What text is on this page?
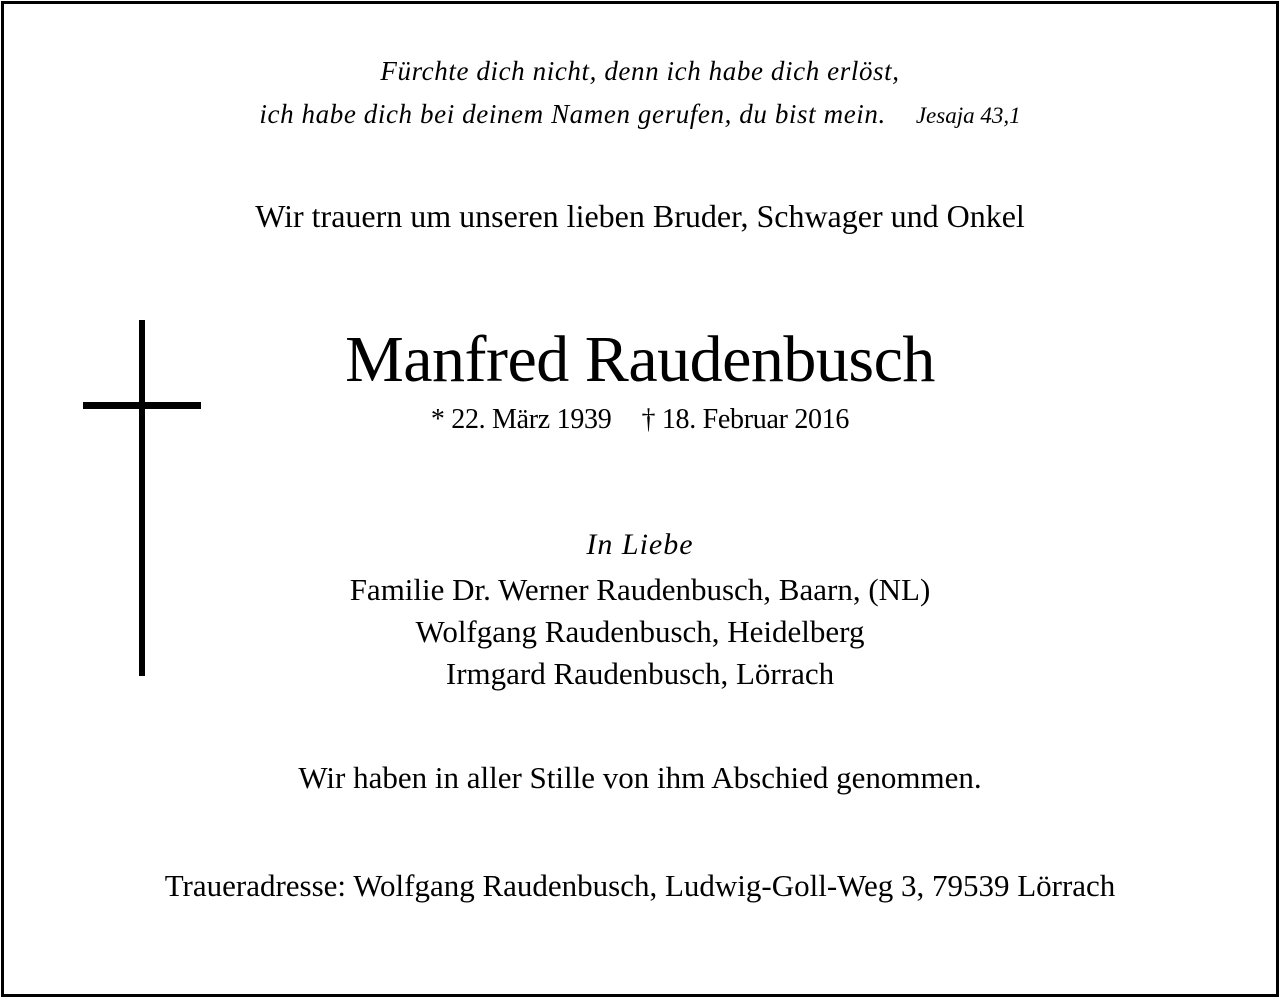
Fürchte dich nicht, denn ich habe dich erlöst,
ich habe dich bei deinem Namen gerufen, du bist mein. Jesaja 43,1
Wir trauern um unseren lieben Bruder, Schwager und Onkel
Manfred Raudenbusch
* 22. März 1939 † 18. Februar 2016
In Liebe
Familie Dr. Werner Raudenbusch, Baarn, (NL)
Wolfgang Raudenbusch, Heidelberg
Irmgard Raudenbusch, Lörrach
Wir haben in aller Stille von ihm Abschied genommen.
Traueradresse: Wolfgang Raudenbusch, Ludwig-Goll-Weg 3, 79539 Lörrach
